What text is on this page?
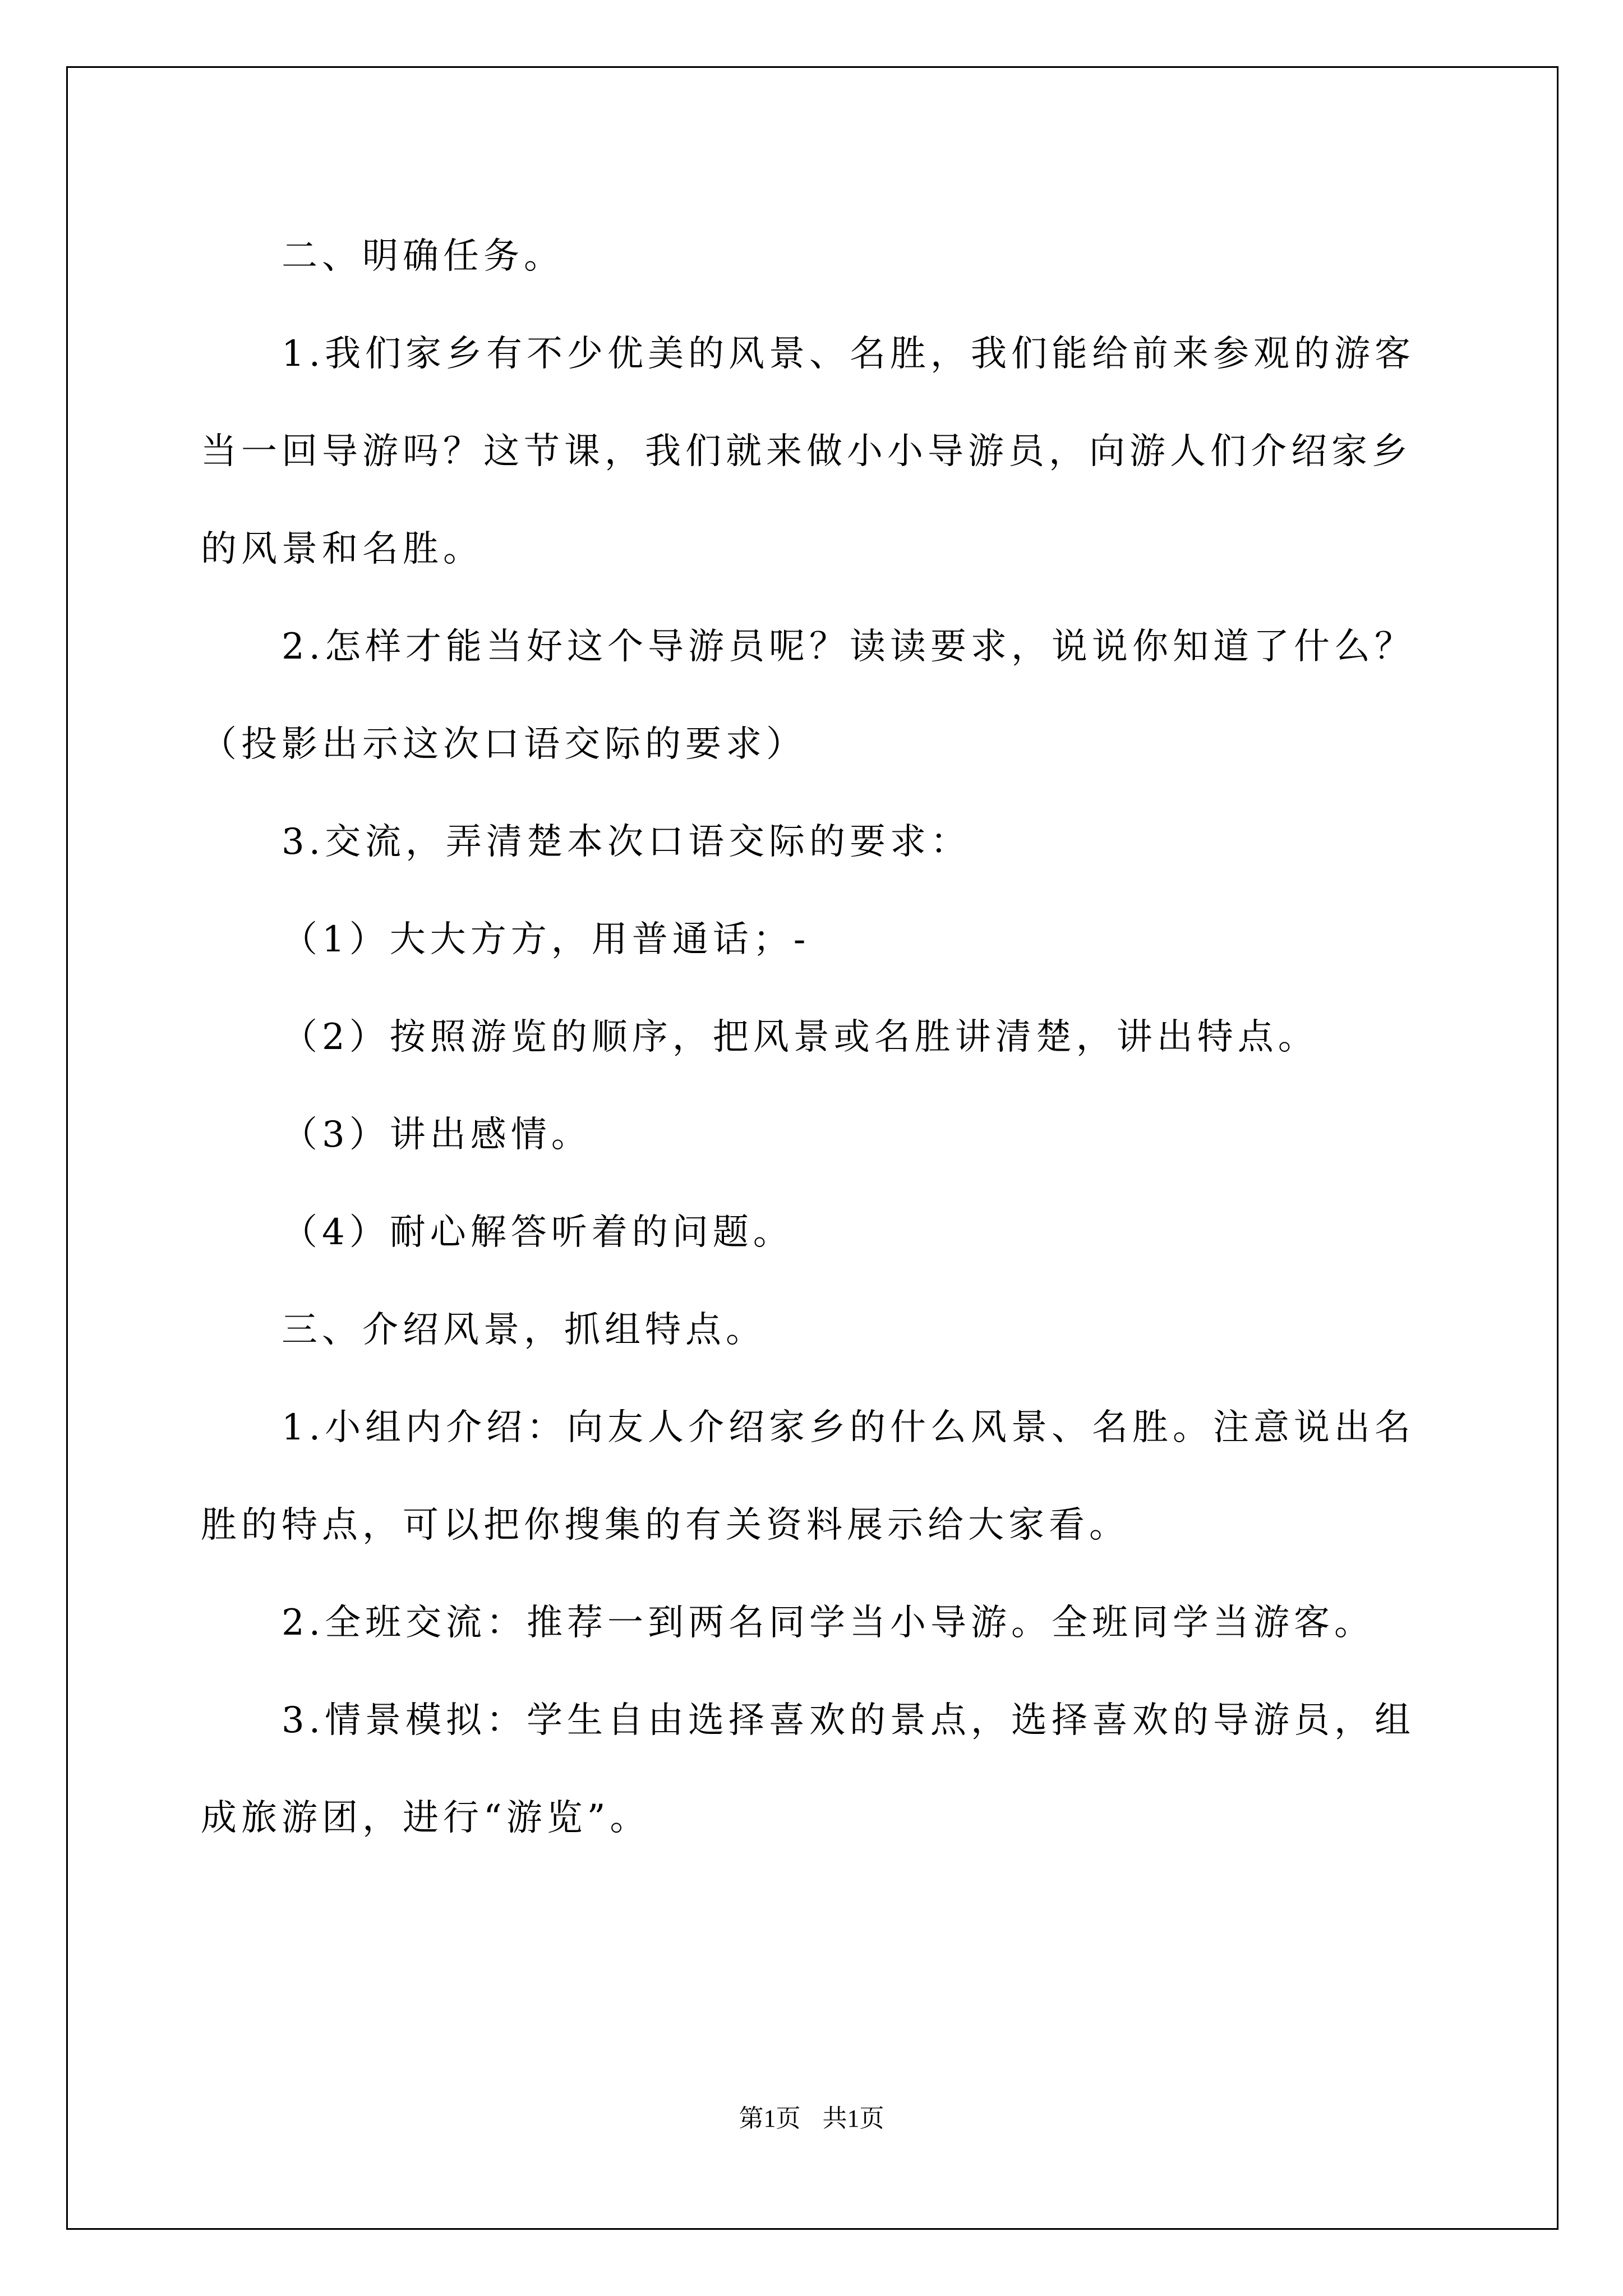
二、明确任务。

1.我们家乡有不少优美的风景、名胜，我们能给前来参观的游客当一回导游吗？这节课，我们就来做小小导游员，向游人们介绍家乡的风景和名胜。

2.怎样才能当好这个导游员呢？读读要求，说说你知道了什么？

（投影出示这次口语交际的要求）

3.交流，弄清楚本次口语交际的要求：

（1）大大方方，用普通话；-

（2）按照游览的顺序，把风景或名胜讲清楚，讲出特点。

（3）讲出感情。

（4）耐心解答听着的问题。

三、介绍风景，抓组特点。

1.小组内介绍：向友人介绍家乡的什么风景、名胜。注意说出名胜的特点，可以把你搜集的有关资料展示给大家看。

2.全班交流：推荐一到两名同学当小导游。全班同学当游客。

3.情景模拟：学生自由选择喜欢的景点，选择喜欢的导游员，组成旅游团，进行“游览”。

第1页 共1页
